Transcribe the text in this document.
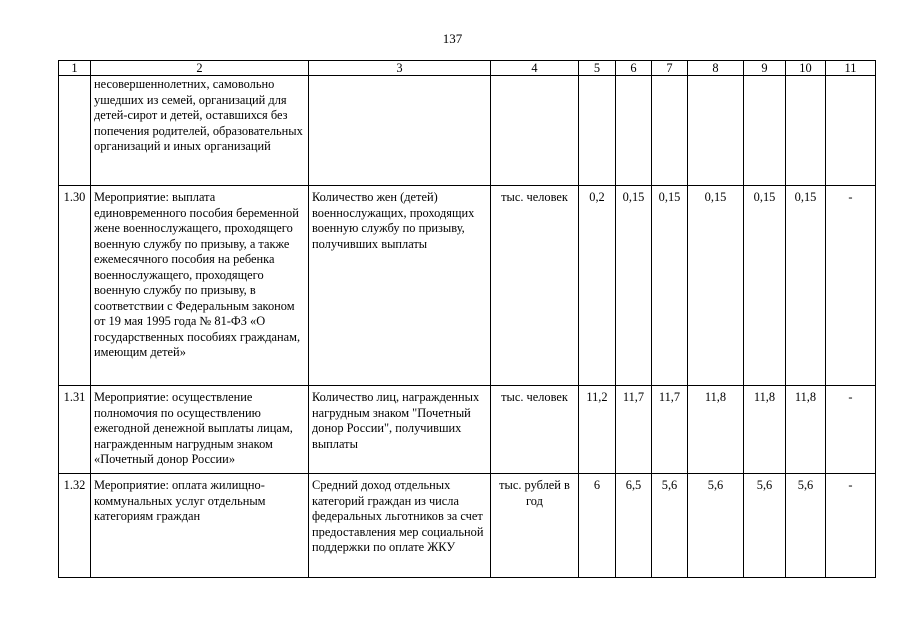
137
1	2	3	4	5	6	7	8	9	10	11
	несовершеннолетних, самовольно ушедших из семей, организаций для детей-сирот и детей, оставшихся без попечения родителей, образовательных организаций и иных организаций									
1.30	Мероприятие: выплата единовременного пособия беременной жене военнослужащего, проходящего военную службу по призыву, а также ежемесячного пособия на ребенка военнослужащего, проходящего военную службу по призыву, в соответствии с Федеральным законом от 19 мая 1995 года № 81-ФЗ «О государственных пособиях гражданам, имеющим детей»	Количество жен (детей) военнослужащих, проходящих военную службу по призыву, получивших выплаты	тыс. человек	0,2	0,15	0,15	0,15	0,15	0,15	-
1.31	Мероприятие: осуществление полномочия по осуществлению ежегодной денежной выплаты лицам, награжденным нагрудным знаком «Почетный донор России»	Количество лиц, награжденных нагрудным знаком "Почетный донор России", получивших выплаты	тыс. человек	11,2	11,7	11,7	11,8	11,8	11,8	-
1.32	Мероприятие: оплата жилищно-коммунальных услуг отдельным категориям граждан	Средний доход отдельных категорий граждан из числа федеральных льготников за счет предоставления мер социальной поддержки по оплате ЖКУ	тыс. рублей в год	6	6,5	5,6	5,6	5,6	5,6	-
